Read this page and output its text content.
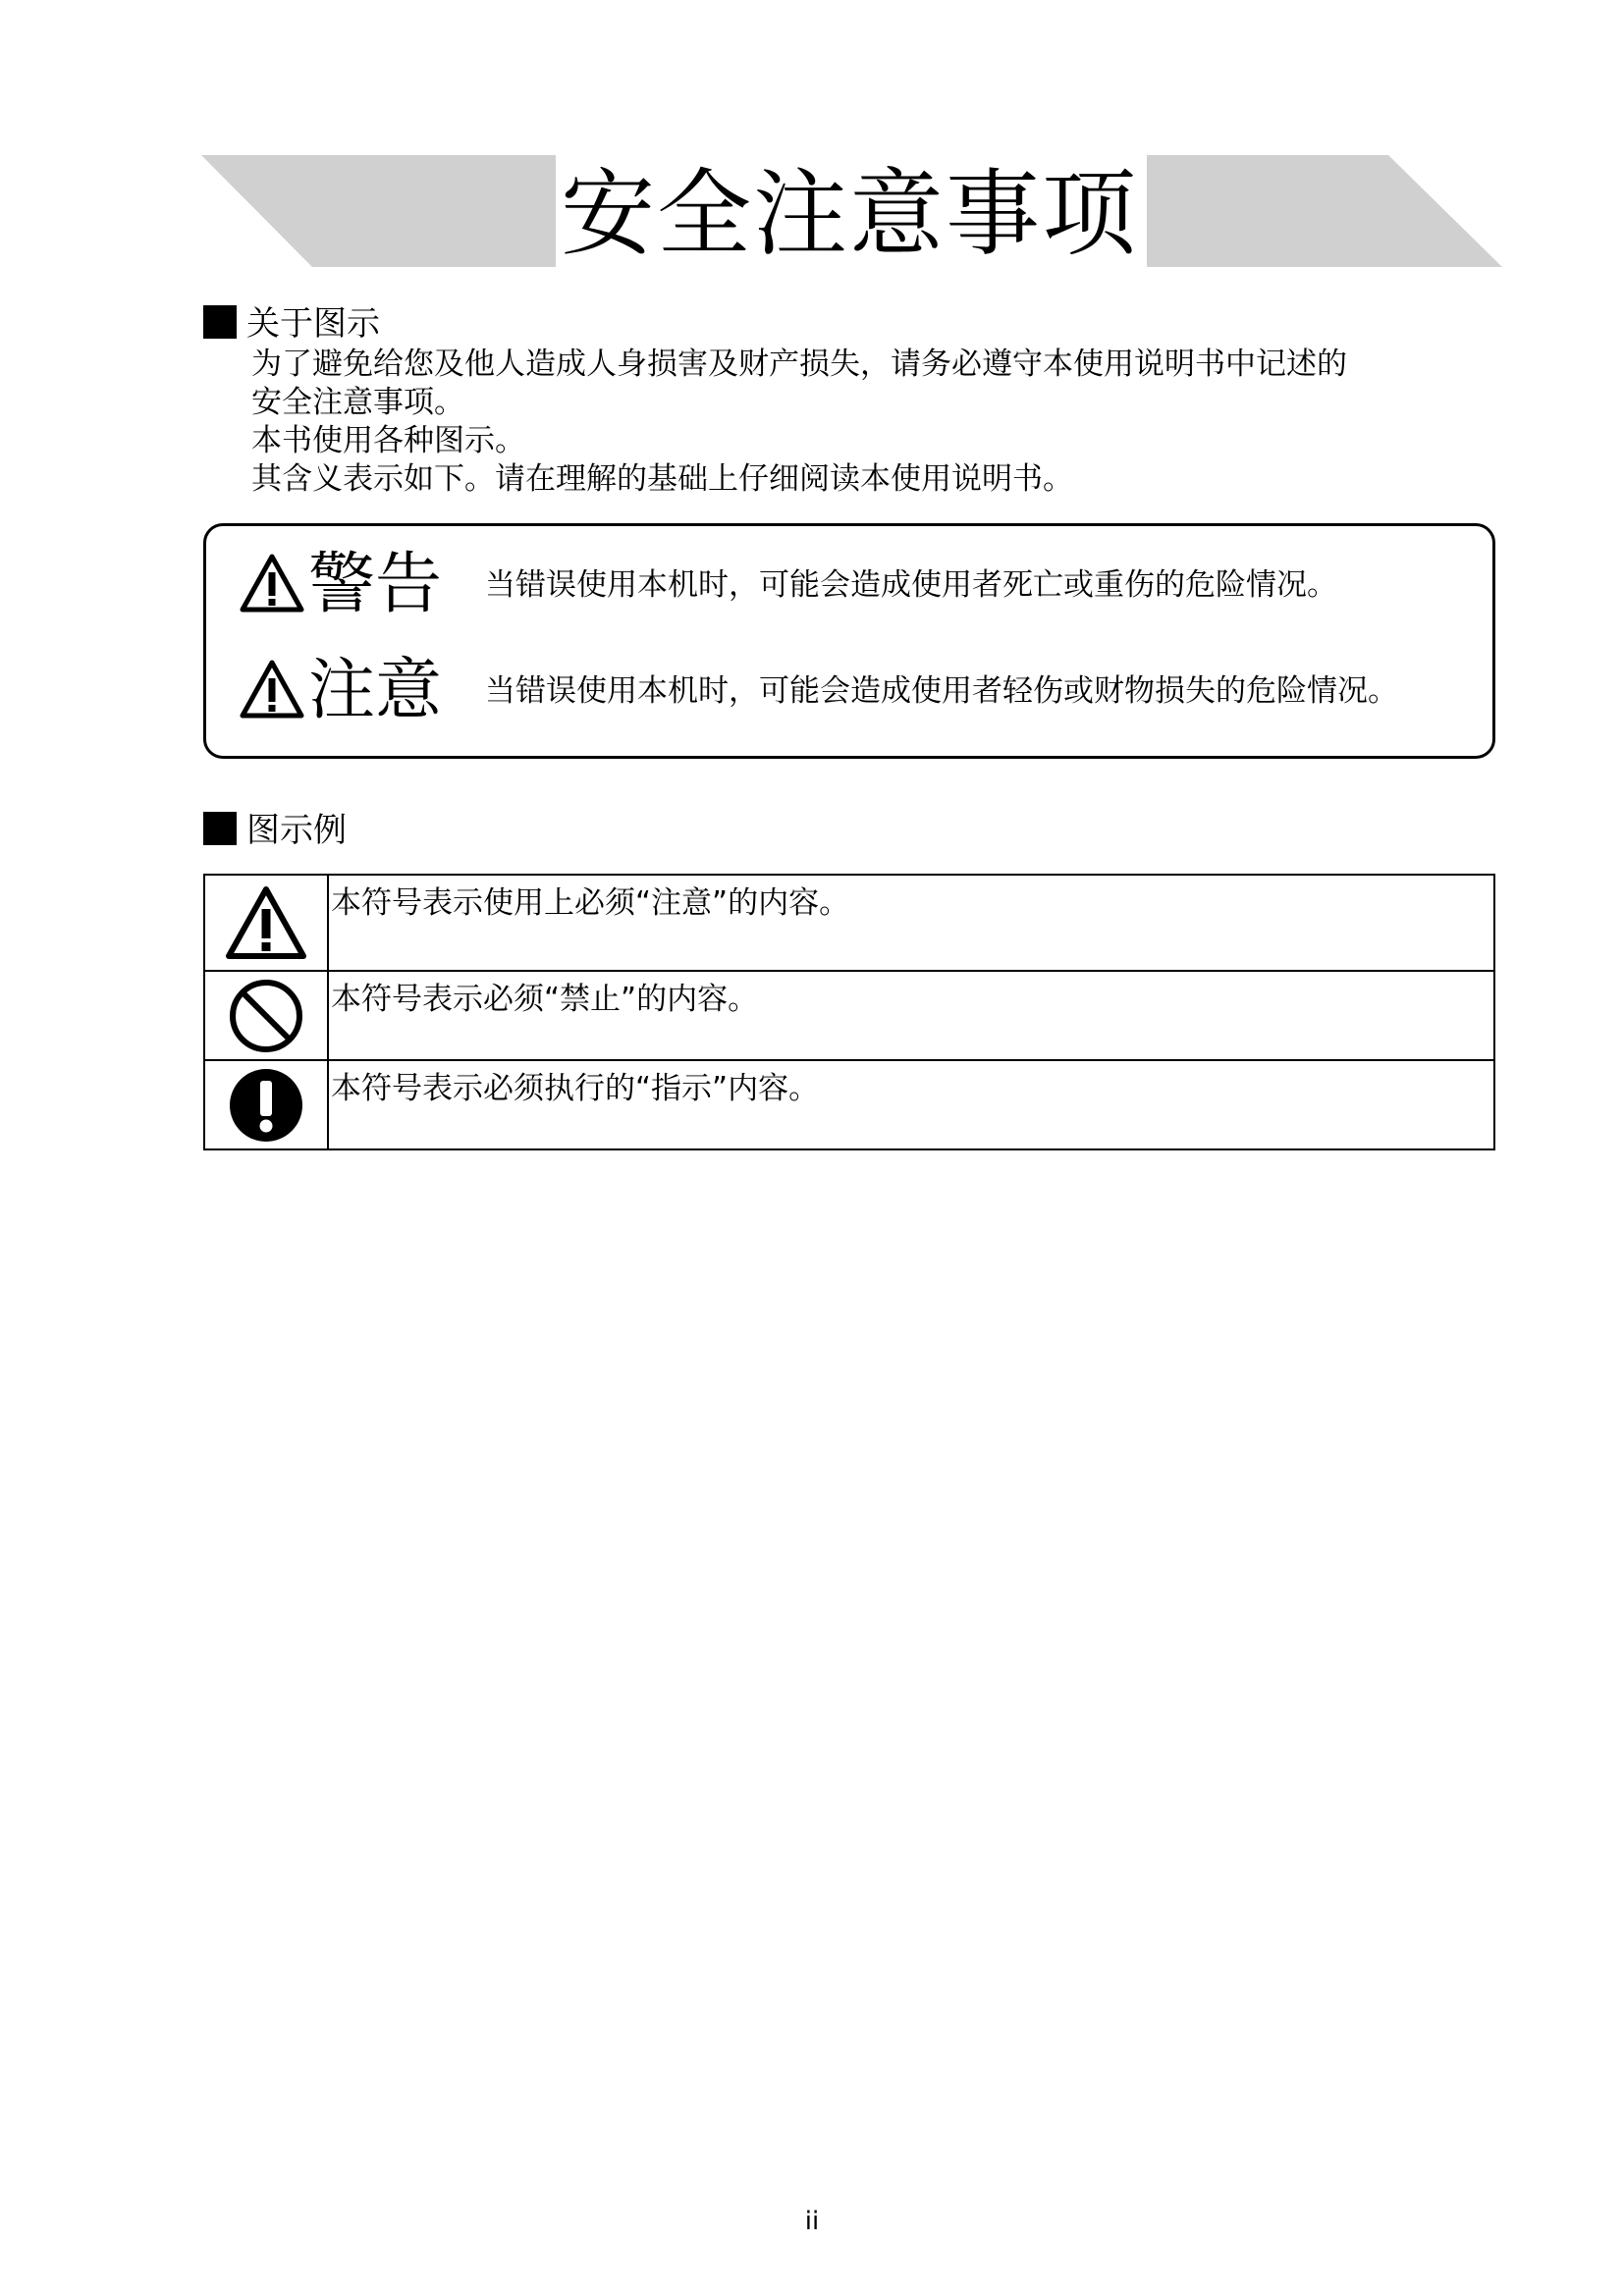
安全注意事项
关于图示

为了避免给您及他人造成人身损害及财产损失，请务必遵守本使用说明书中记述的

安全注意事项。

本书使用各种图示。

其含义表示如下。请在理解的基础上仔细阅读本使用说明书。

警告 当错误使用本机时，可能会造成使用者死亡或重伤的危险情况。
注意 当错误使用本机时，可能会造成使用者轻伤或财物损失的危险情况。
图示例
	本符号表示使用上必须“注意”的内容。

	本符号表示必须“禁止”的内容。

	本符号表示必须执行的“指示”内容。
ii
